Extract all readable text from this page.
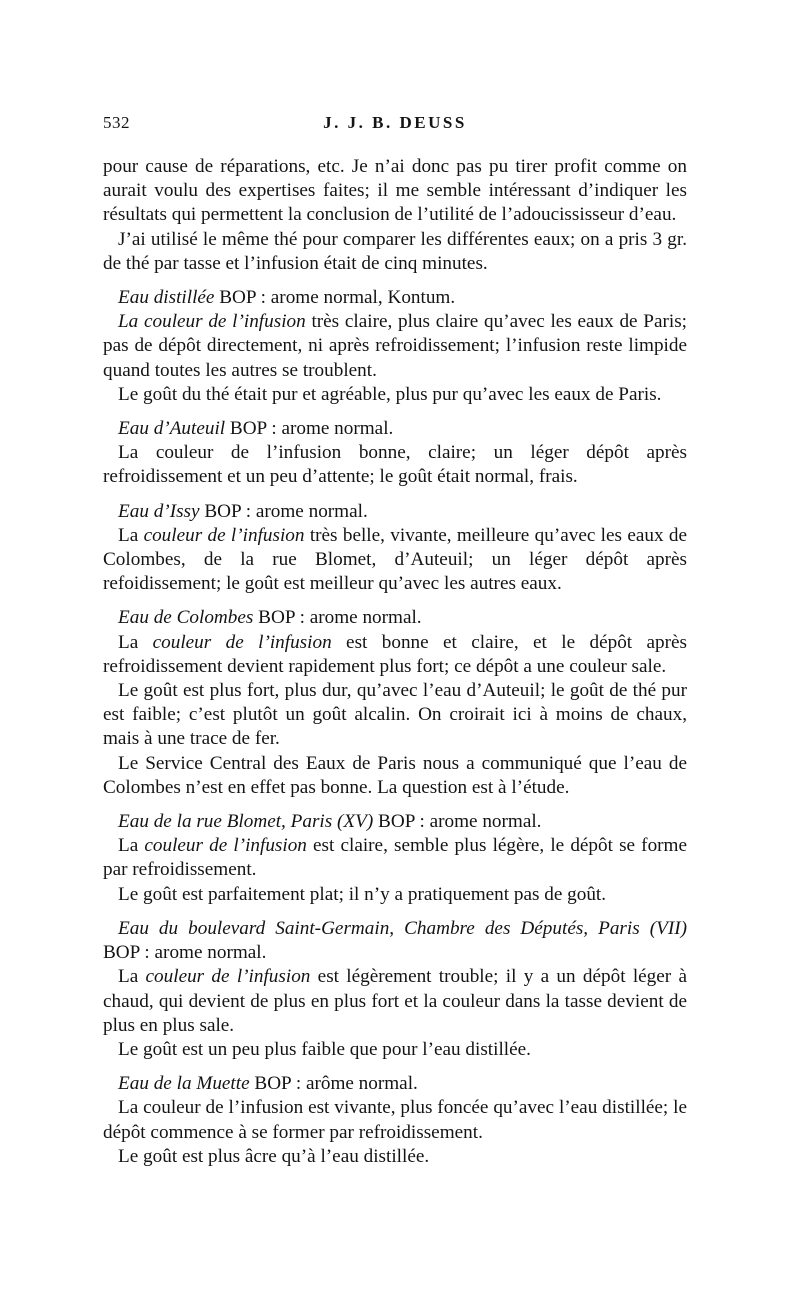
532	J. J. B. DEUSS

pour cause de réparations, etc. Je n’ai donc pas pu tirer profit comme on aurait voulu des expertises faites; il me semble intéressant d’indiquer les résultats qui permettent la conclusion de l’utilité de l’adoucississeur d’eau.

J’ai utilisé le même thé pour comparer les différentes eaux; on a pris 3 gr. de thé par tasse et l’infusion était de cinq minutes.

Eau distillée BOP : arome normal, Kontum.

La couleur de l’infusion très claire, plus claire qu’avec les eaux de Paris; pas de dépôt directement, ni après refroidissement; l’infusion reste limpide quand toutes les autres se troublent.

Le goût du thé était pur et agréable, plus pur qu’avec les eaux de Paris.

Eau d’Auteuil BOP : arome normal.

La couleur de l’infusion bonne, claire; un léger dépôt après refroidissement et un peu d’attente; le goût était normal, frais.

Eau d’Issy BOP : arome normal.

La couleur de l’infusion très belle, vivante, meilleure qu’avec les eaux de Colombes, de la rue Blomet, d’Auteuil; un léger dépôt après refoidissement; le goût est meilleur qu’avec les autres eaux.

Eau de Colombes BOP : arome normal.

La couleur de l’infusion est bonne et claire, et le dépôt après refroidissement devient rapidement plus fort; ce dépôt a une couleur sale.

Le goût est plus fort, plus dur, qu’avec l’eau d’Auteuil; le goût de thé pur est faible; c’est plutôt un goût alcalin. On croirait ici à moins de chaux, mais à une trace de fer.

Le Service Central des Eaux de Paris nous a communiqué que l’eau de Colombes n’est en effet pas bonne. La question est à l’étude.

Eau de la rue Blomet, Paris (XV) BOP : arome normal.

La couleur de l’infusion est claire, semble plus légère, le dépôt se forme par refroidissement.

Le goût est parfaitement plat; il n’y a pratiquement pas de goût.

Eau du boulevard Saint-Germain, Chambre des Députés, Paris (VII) BOP : arome normal.

La couleur de l’infusion est légèrement trouble; il y a un dépôt léger à chaud, qui devient de plus en plus fort et la couleur dans la tasse devient de plus en plus sale.

Le goût est un peu plus faible que pour l’eau distillée.

Eau de la Muette BOP : arôme normal.

La couleur de l’infusion est vivante, plus foncée qu’avec l’eau distillée; le dépôt commence à se former par refroidissement.

Le goût est plus âcre qu’à l’eau distillée.
